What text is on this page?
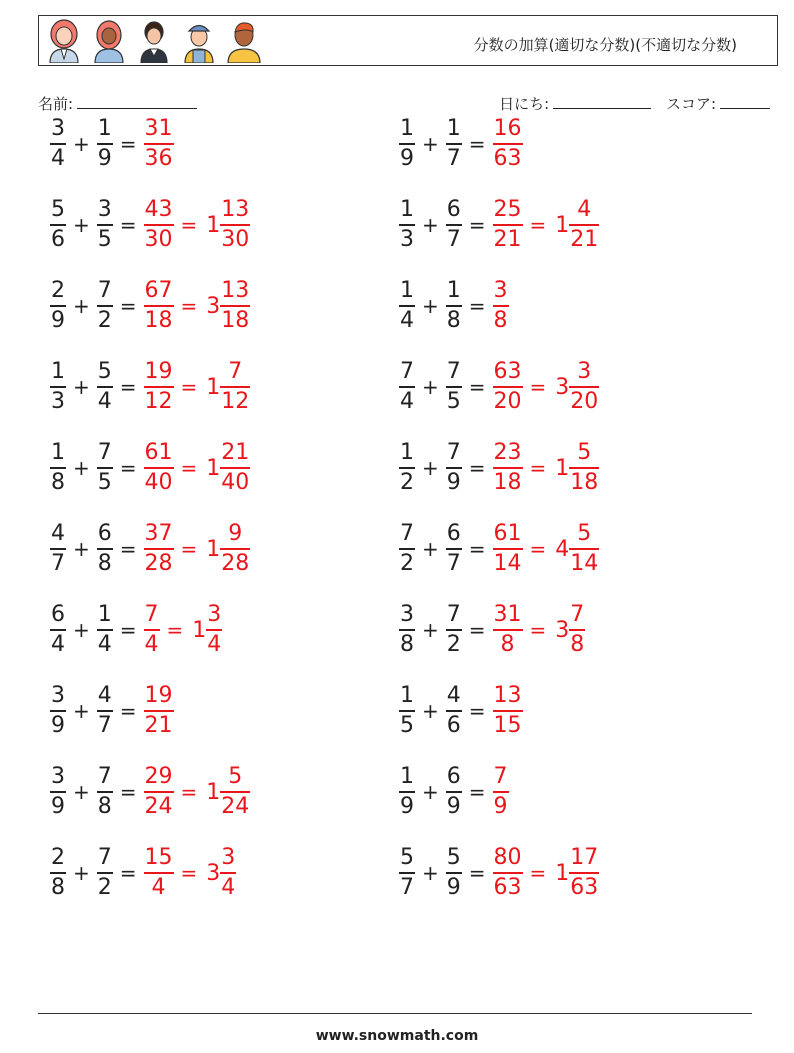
分数の加算(適切な分数)(不適切な分数)
名前:	日にち:	スコア:
$\frac{3}{4} + \frac{1}{9} = \frac{31}{36}$	$\frac{1}{9} + \frac{1}{7} = \frac{16}{63}$
$\frac{5}{6} + \frac{3}{5} = \frac{43}{30} = 1 \frac{13}{30}$	$\frac{1}{3} + \frac{6}{7} = \frac{25}{21} = 1 \frac{4}{21}$
$\frac{2}{9} + \frac{7}{2} = \frac{67}{18} = 3 \frac{13}{18}$	$\frac{1}{4} + \frac{1}{8} = \frac{3}{8}$
$\frac{1}{3} + \frac{5}{4} = \frac{19}{12} = 1 \frac{7}{12}$	$\frac{7}{4} + \frac{7}{5} = \frac{63}{20} = 3 \frac{3}{20}$
$\frac{1}{8} + \frac{7}{5} = \frac{61}{40} = 1 \frac{21}{40}$	$\frac{1}{2} + \frac{7}{9} = \frac{23}{18} = 1 \frac{5}{18}$
$\frac{4}{7} + \frac{6}{8} = \frac{37}{28} = 1 \frac{9}{28}$	$\frac{7}{2} + \frac{6}{7} = \frac{61}{14} = 4 \frac{5}{14}$
$\frac{6}{4} + \frac{1}{4} = \frac{7}{4} = 1 \frac{3}{4}$	$\frac{3}{8} + \frac{7}{2} = \frac{31}{8} = 3 \frac{7}{8}$
$\frac{3}{9} + \frac{4}{7} = \frac{19}{21}$	$\frac{1}{5} + \frac{4}{6} = \frac{13}{15}$
$\frac{3}{9} + \frac{7}{8} = \frac{29}{24} = 1 \frac{5}{24}$	$\frac{1}{9} + \frac{6}{9} = \frac{7}{9}$
$\frac{2}{8} + \frac{7}{2} = \frac{15}{4} = 3 \frac{3}{4}$	$\frac{5}{7} + \frac{5}{9} = \frac{80}{63} = 1 \frac{17}{63}$
www.snowmath.com
